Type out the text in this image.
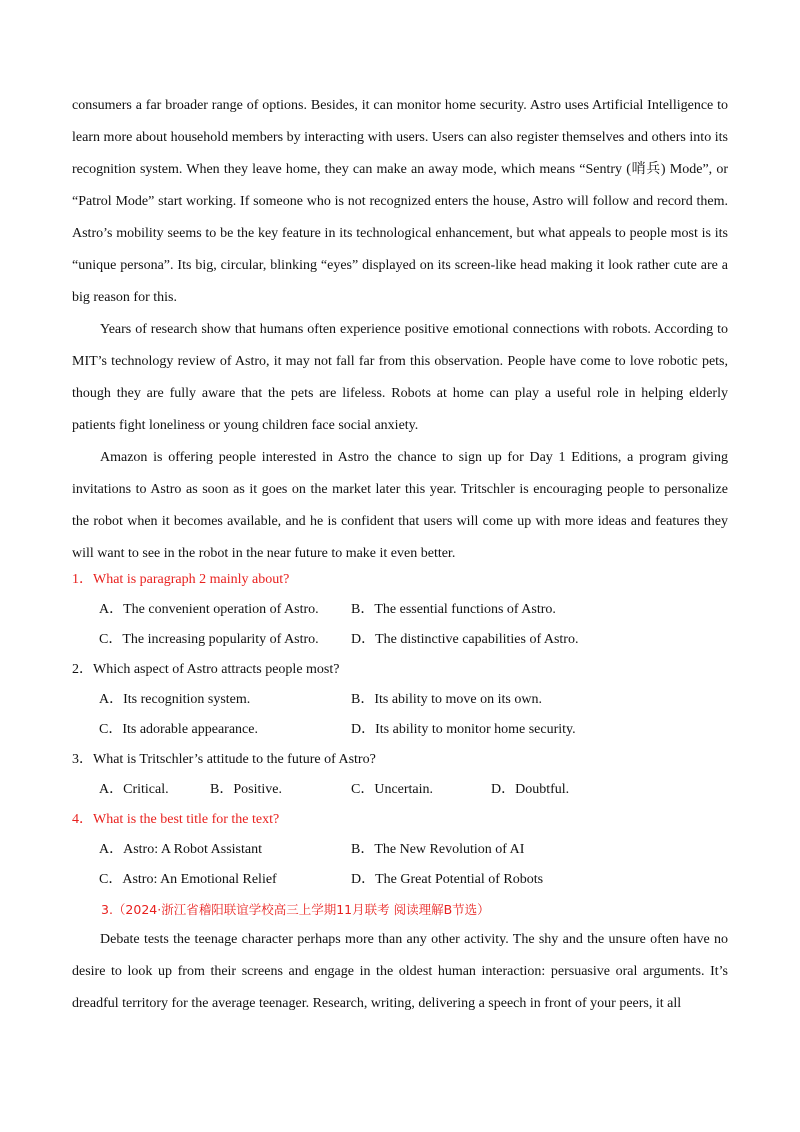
consumers a far broader range of options. Besides, it can monitor home security. Astro uses Artificial Intelligence to learn more about household members by interacting with users. Users can also register themselves and others into its recognition system. When they leave home, they can make an away mode, which means “Sentry (哨兵) Mode”, or “Patrol Mode” start working. If someone who is not recognized enters the house, Astro will follow and record them. Astro’s mobility seems to be the key feature in its technological enhancement, but what appeals to people most is its “unique persona”. Its big, circular, blinking “eyes” displayed on its screen-like head making it look rather cute are a big reason for this.

Years of research show that humans often experience positive emotional connections with robots. According to MIT’s technology review of Astro, it may not fall far from this observation. People have come to love robotic pets, though they are fully aware that the pets are lifeless. Robots at home can play a useful role in helping elderly patients fight loneliness or young children face social anxiety.

Amazon is offering people interested in Astro the chance to sign up for Day 1 Editions, a program giving invitations to Astro as soon as it goes on the market later this year. Tritschler is encouraging people to personalize the robot when it becomes available, and he is confident that users will come up with more ideas and features they will want to see in the robot in the near future to make it even better.

1．What is paragraph 2 mainly about?
A．The convenient operation of Astro. B．The essential functions of Astro.
C．The increasing popularity of Astro. D．The distinctive capabilities of Astro.
2．Which aspect of Astro attracts people most?
A．Its recognition system.	B．Its ability to move on its own.
C．Its adorable appearance.	D．Its ability to monitor home security.
3．What is Tritschler’s attitude to the future of Astro?
A．Critical.	B．Positive.	C．Uncertain.	D．Doubtful.
4．What is the best title for the text?
A．Astro: A Robot Assistant	B．The New Revolution of AI
C．Astro: An Emotional Relief	D．The Great Potential of Robots
3.（2024·浙江省稽阳联谊学校高三上学期11月联考 阅读理解B节选）

Debate tests the teenage character perhaps more than any other activity. The shy and the unsure often have no desire to look up from their screens and engage in the oldest human interaction: persuasive oral arguments. It’s dreadful territory for the average teenager. Research, writing, delivering a speech in front of your peers, it all
